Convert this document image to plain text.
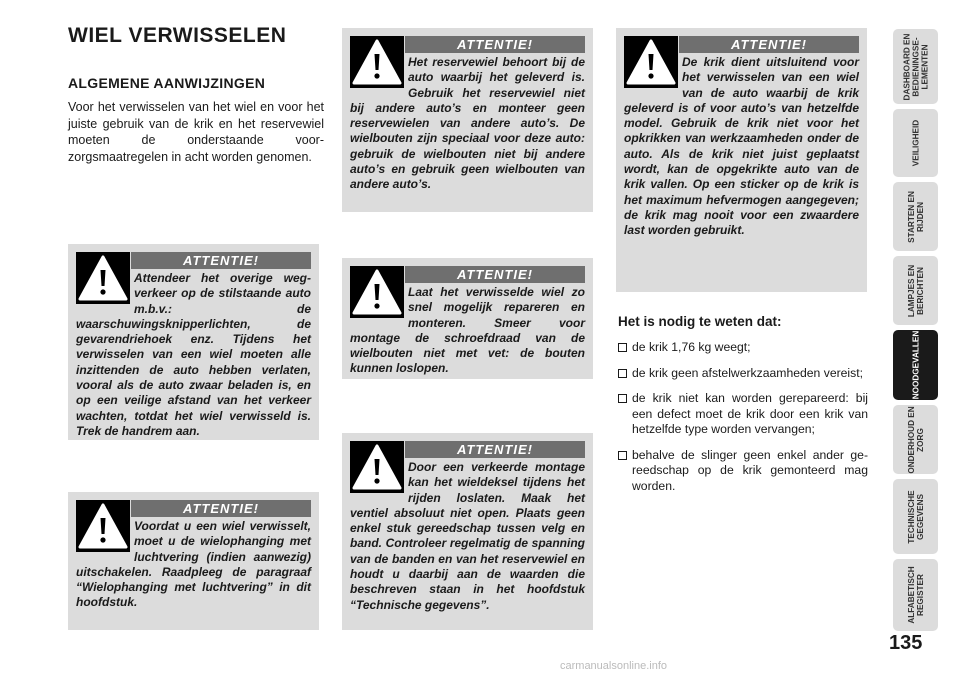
WIEL VERWISSELEN
ALGEMENE AANWIJZINGEN
Voor het verwisselen van het wiel en voor het juiste gebruik van de krik en het reservewiel moeten de onderstaande voorzorgsmaatregelen in acht worden genomen.
ATTENTIE!
Attendeer het overige wegverkeer op de stilstaande auto m.b.v.: de waarschuwingsknipperlichten, de gevarendriehoek enz. Tijdens het verwisselen van een wiel moeten alle inzittenden de auto hebben verlaten, vooral als de auto zwaar beladen is, en op een veilige afstand van het verkeer wachten, totdat het wiel verwisseld is. Trek de handrem aan.
ATTENTIE!
Voordat u een wiel verwisselt, moet u de wielophanging met luchtvering (indien aanwezig) uitschakelen. Raadpleeg de paragraaf “Wielophanging met luchtvering” in dit hoofdstuk.
ATTENTIE!
Het reservewiel behoort bij de auto waarbij het geleverd is. Gebruik het reservewiel niet bij andere auto’s en monteer geen reservewielen van andere auto’s. De wielbouten zijn speciaal voor deze auto: gebruik de wielbouten niet bij andere auto’s en gebruik geen wielbouten van andere auto’s.
ATTENTIE!
Laat het verwisselde wiel zo snel mogelijk repareren en monteren. Smeer voor montage de schroefdraad van de wielbouten niet met vet: de bouten kunnen loslopen.
ATTENTIE!
Door een verkeerde montage kan het wieldeksel tijdens het rijden loslaten. Maak het ventiel absoluut niet open. Plaats geen enkel stuk gereedschap tussen velg en band. Controleer regelmatig de spanning van de banden en van het reservewiel en houdt u daarbij aan de waarden die beschreven staan in het hoofdstuk “Technische gegevens”.
ATTENTIE!
De krik dient uitsluitend voor het verwisselen van een wiel van de auto waarbij de krik geleverd is of voor auto’s van hetzelfde model. Gebruik de krik niet voor het opkrikken van werkzaamheden onder de auto. Als de krik niet juist geplaatst wordt, kan de opgekrikte auto van de krik vallen. Op een sticker op de krik is het maximum hefvermogen aangegeven; de krik mag nooit voor een zwaardere last worden gebruikt.
Het is nodig te weten dat:
de krik 1,76 kg weegt;
de krik geen afstelwerkzaamheden vereist;
de krik niet kan worden gerepareerd: bij een defect moet de krik door een krik van hetzelfde type worden vervangen;
behalve de slinger geen enkel ander gereedschap op de krik gemonteerd mag worden.
DASHBOARD EN
BEDIENINGSE-
LEMENTEN
VEILIGHEID
STARTEN EN
RIJDEN
LAMPJES EN
BERICHTEN
NOODGEVALLEN
ONDERHOUD EN
ZORG
TECHNISCHE
GEGEVENS
ALFABETISCH
REGISTER
135
carmanualsonline.info
